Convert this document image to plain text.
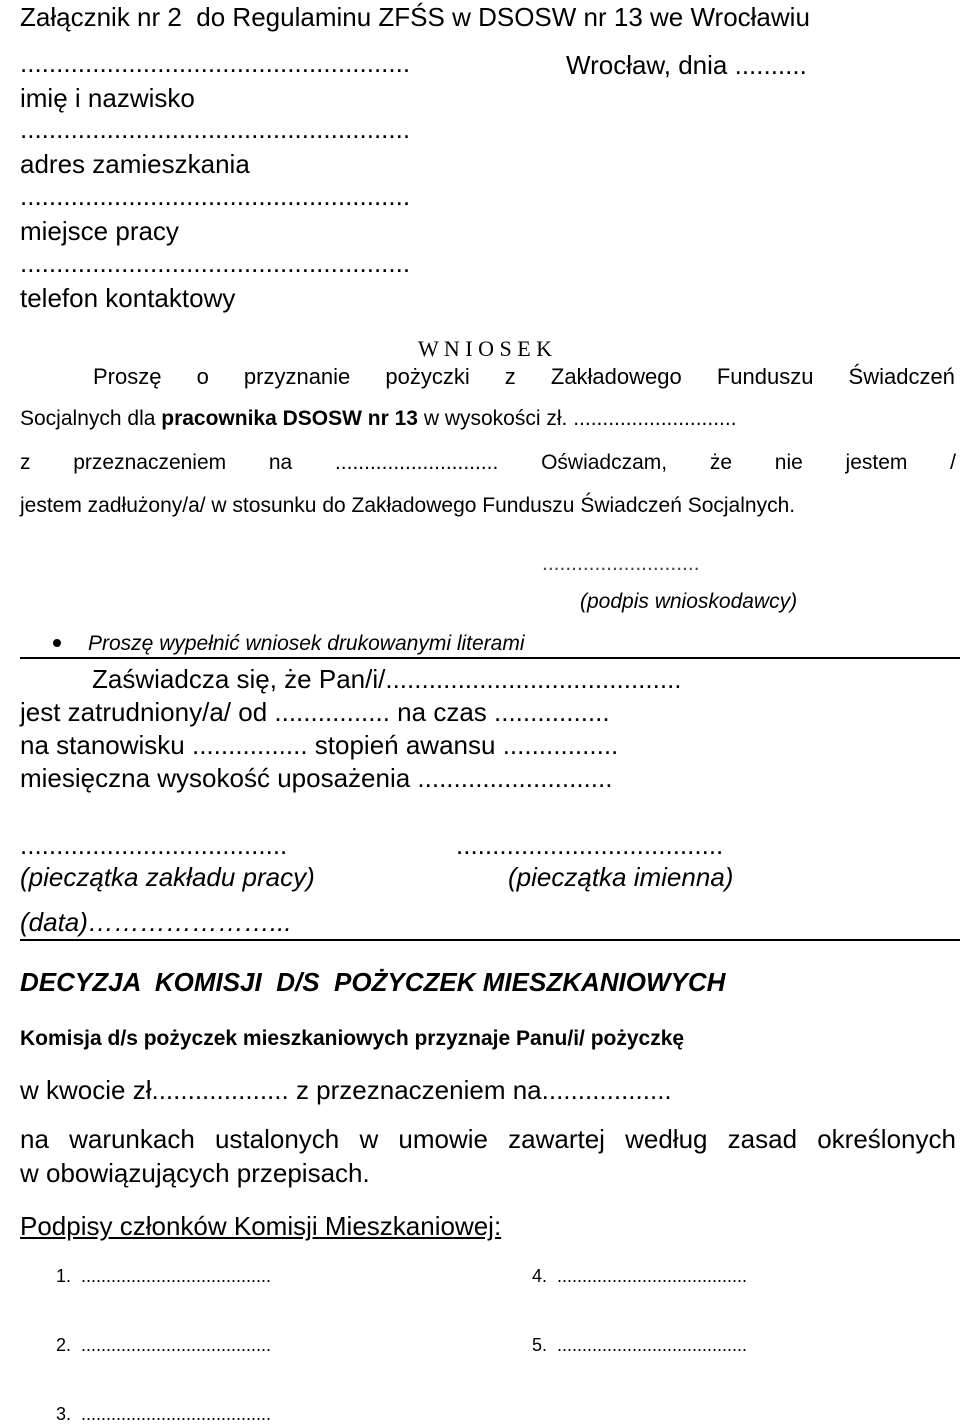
Załącznik nr 2  do Regulaminu ZFŚS w DSOSW nr 13 we Wrocławiu
......................................................	Wrocław, dnia ..........
imię i nazwisko
......................................................
adres zamieszkania
......................................................
miejsce pracy
......................................................
telefon kontaktowy
W N I O S E K
Proszę o przyznanie pożyczki z Zakładowego Funduszu Świadczeń
Socjalnych dla pracownika DSOSW nr 13 w wysokości zł. ............................
z przeznaczeniem na ............................ Oświadczam, że nie jestem /
jestem zadłużony/a/ w stosunku do Zakładowego Funduszu Świadczeń Socjalnych.
...........................
(podpis wnioskodawcy)
Proszę wypełnić wniosek drukowanymi literami
Zaświadcza się, że Pan/i/.........................................
jest zatrudniony/a/ od ................ na czas ................
na stanowisku ................ stopień awansu ................
miesięczna wysokość uposażenia ...........................
.....................................	.....................................
(pieczątka zakładu pracy)	(pieczątka imienna)
(data)…………………...
DECYZJA  KOMISJI  D/S  POŻYCZEK MIESZKANIOWYCH
Komisja d/s pożyczek mieszkaniowych przyznaje Panu/i/ pożyczkę
w kwocie zł................... z przeznaczeniem na..................
na warunkach ustalonych w umowie zawartej według zasad określonych
w obowiązujących przepisach.
Podpisy członków Komisji Mieszkaniowej:
1.  ......................................	4.  ......................................
2.  ......................................	5.  ......................................
3.  ......................................
